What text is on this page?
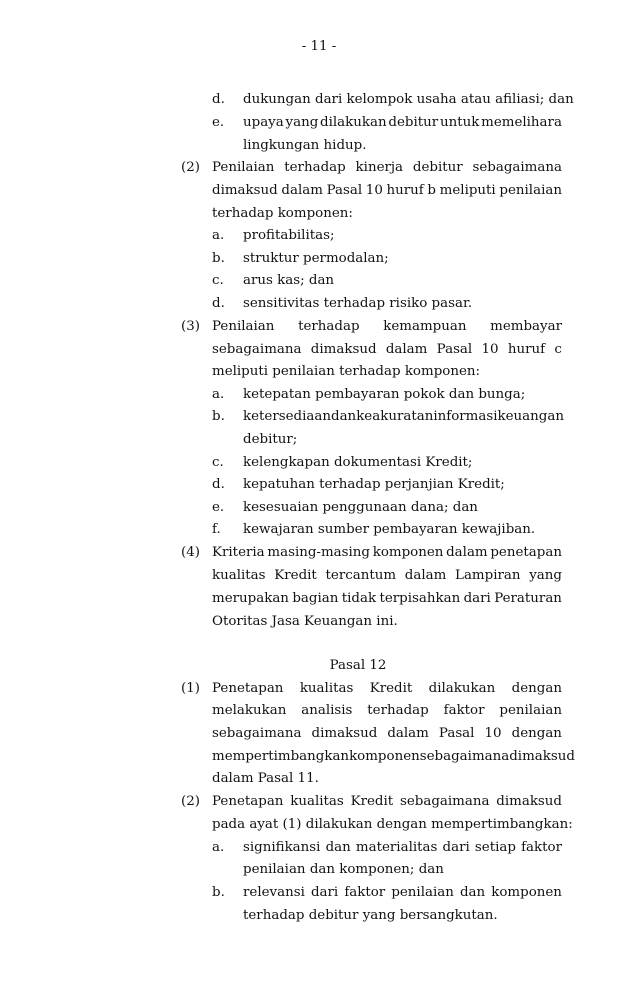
- 11 -
d. dukungan dari kelompok usaha atau afiliasi; dan
e. upaya yang dilakukan debitur untuk memelihara
lingkungan hidup.
(2) Penilaian terhadap kinerja debitur sebagaimana
dimaksud dalam Pasal 10 huruf b meliputi penilaian
terhadap komponen:
a. profitabilitas;
b. struktur permodalan;
c. arus kas; dan
d. sensitivitas terhadap risiko pasar.
(3) Penilaian terhadap kemampuan membayar
sebagaimana dimaksud dalam Pasal 10 huruf c
meliputi penilaian terhadap komponen:
a. ketepatan pembayaran pokok dan bunga;
b. ketersediaan dan keakuratan informasi keuangan
debitur;
c. kelengkapan dokumentasi Kredit;
d. kepatuhan terhadap perjanjian Kredit;
e. kesesuaian penggunaan dana; dan
f. kewajaran sumber pembayaran kewajiban.
(4) Kriteria masing-masing komponen dalam penetapan
kualitas Kredit tercantum dalam Lampiran yang
merupakan bagian tidak terpisahkan dari Peraturan
Otoritas Jasa Keuangan ini.
Pasal 12
(1) Penetapan kualitas Kredit dilakukan dengan
melakukan analisis terhadap faktor penilaian
sebagaimana dimaksud dalam Pasal 10 dengan
mempertimbangkan komponen sebagaimana dimaksud
dalam Pasal 11.
(2) Penetapan kualitas Kredit sebagaimana dimaksud
pada ayat (1) dilakukan dengan mempertimbangkan:
a. signifikansi dan materialitas dari setiap faktor
penilaian dan komponen; dan
b. relevansi dari faktor penilaian dan komponen
terhadap debitur yang bersangkutan.
